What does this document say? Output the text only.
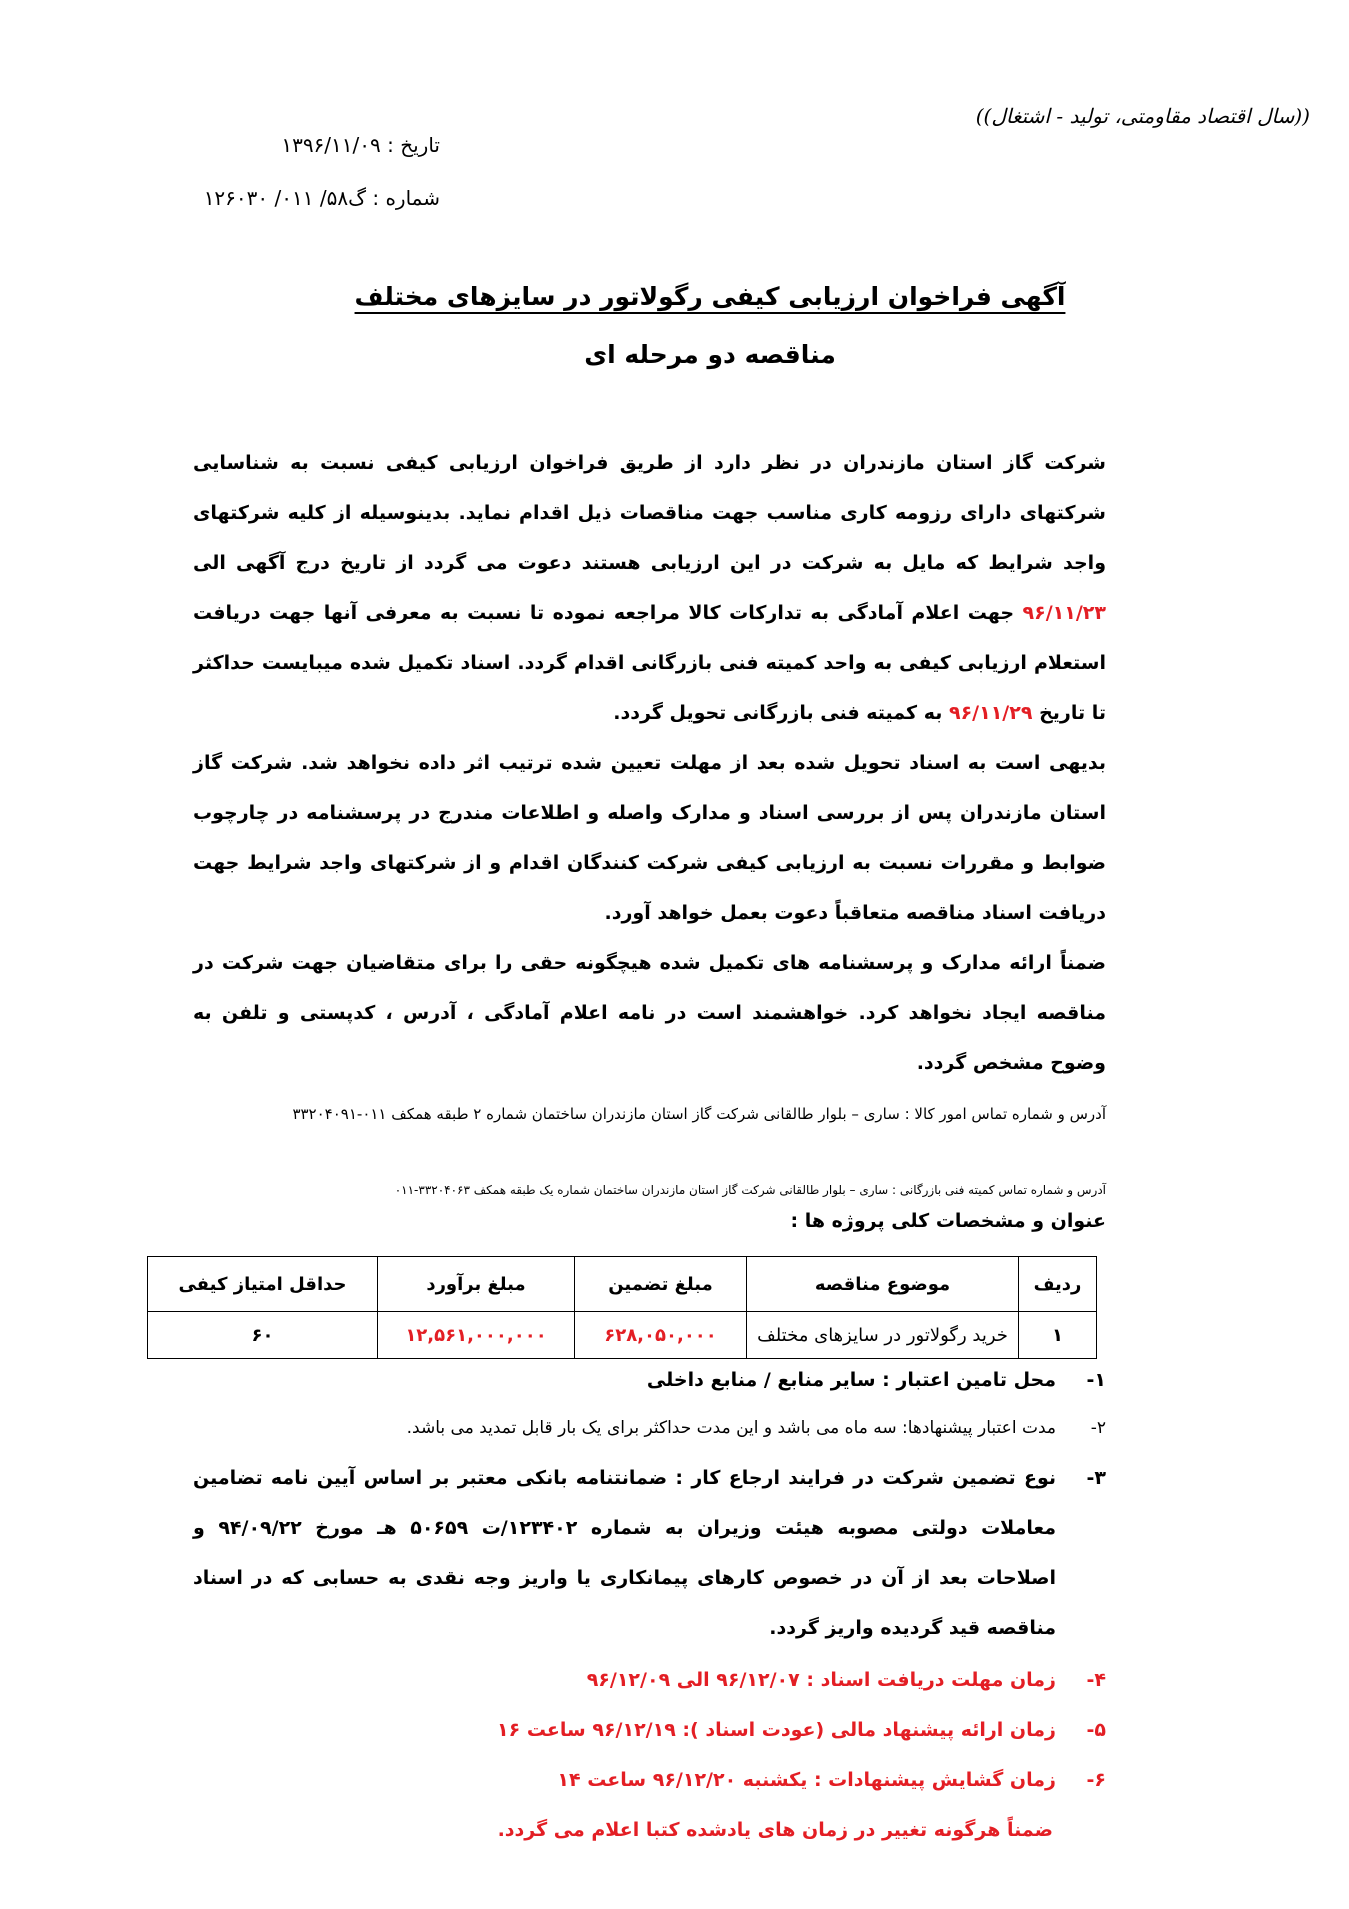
((سال اقتصاد مقاومتی، تولید - اشتغال))
تاریخ : ۱۳۹۶/۱۱/۰۹
شماره : گ۵۸/ ۰۱۱/ ۱۲۶۰۳۰
آگهی فراخوان ارزیابی کیفی رگولاتور در سایزهای مختلف
مناقصه دو مرحله ای
شرکت گاز استان مازندران در نظر دارد از طریق فراخوان ارزیابی کیفی نسبت به شناسایی شرکتهای دارای رزومه کاری مناسب جهت مناقصات ذیل اقدام نماید. بدینوسیله از کلیه شرکتهای واجد شرایط که مایل به شرکت در این ارزیابی هستند دعوت می گردد از تاریخ درج آگهی الی ۹۶/۱۱/۲۳ جهت اعلام آمادگی به تدارکات کالا مراجعه نموده تا نسبت به معرفی آنها جهت دریافت استعلام ارزیابی کیفی به واحد کمیته فنی بازرگانی اقدام گردد. اسناد تکمیل شده میبایست حداکثر تا تاریخ ۹۶/۱۱/۲۹ به کمیته فنی بازرگانی تحویل گردد.
بدیهی است به اسناد تحویل شده بعد از مهلت تعیین شده ترتیب اثر داده نخواهد شد. شرکت گاز استان مازندران پس از بررسی اسناد و مدارک واصله و اطلاعات مندرج در پرسشنامه در چارچوب ضوابط و مقررات نسبت به ارزیابی کیفی شرکت کنندگان اقدام و از شرکتهای واجد شرایط جهت دریافت اسناد مناقصه متعاقباً دعوت بعمل خواهد آورد.
ضمناً ارائه مدارک و پرسشنامه های تکمیل شده هیچگونه حقی را برای متقاضیان جهت شرکت در مناقصه ایجاد نخواهد کرد. خواهشمند است در نامه اعلام آمادگی ، آدرس ، کدپستی و تلفن به وضوح مشخص گردد.
آدرس و شماره تماس امور کالا : ساری – بلوار طالقانی شرکت گاز استان مازندران ساختمان شماره ۲ طبقه همکف ۰۱۱-۳۳۲۰۴۰۹۱
آدرس و شماره تماس کمیته فنی بازرگانی : ساری – بلوار طالقانی شرکت گاز استان مازندران ساختمان شماره یک طبقه همکف ۳۳۲۰۴۰۶۳-۰۱۱
عنوان و مشخصات کلی پروژه ها :
ردیف	موضوع مناقصه	مبلغ تضمین	مبلغ برآورد	حداقل امتیاز کیفی
۱	خرید رگولاتور در سایزهای مختلف	۶۲۸,۰۵۰,۰۰۰	۱۲,۵۶۱,۰۰۰,۰۰۰	۶۰
۱-
محل تامین اعتبار : سایر منابع / منابع داخلی
۲-
مدت اعتبار پیشنهادها: سه ماه می باشد و این مدت حداکثر برای یک بار قابل تمدید می باشد.
۳-
نوع تضمین شرکت در فرایند ارجاع کار : ضمانتنامه بانکی معتبر بر اساس آیین نامه تضامین معاملات دولتی مصوبه هیئت وزیران به شماره ۱۲۳۴۰۲/ت ۵۰۶۵۹ هـ مورخ ۹۴/۰۹/۲۲ و اصلاحات بعد از آن در خصوص کارهای پیمانکاری یا واریز وجه نقدی به حسابی که در اسناد مناقصه قید گردیده واریز گردد.
۴-
زمان مهلت دریافت اسناد : ۹۶/۱۲/۰۷ الی ۹۶/۱۲/۰۹
۵-
زمان ارائه پیشنهاد مالی (عودت اسناد ): ۹۶/۱۲/۱۹ ساعت ۱۶
۶-
زمان گشایش پیشنهادات : یکشنبه ۹۶/۱۲/۲۰ ساعت ۱۴
ضمناً هرگونه تغییر در زمان های یادشده کتبا اعلام می گردد.
